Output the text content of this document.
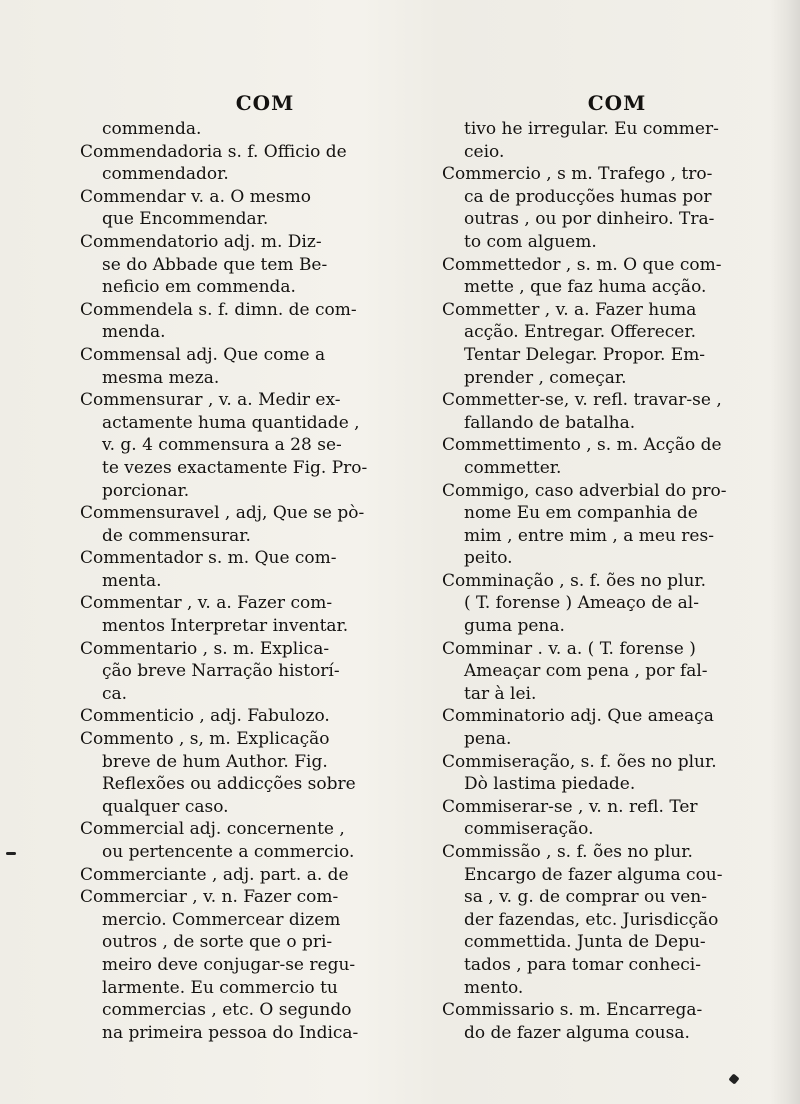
COM
commenda.
Commendadoria s. f. Officio de
commendador.
Commendar v. a. O mesmo
que Encommendar.
Commendatorio adj. m. Diz-
se do Abbade que tem Be-
neficio em commenda.
Commendela s. f. dimn. de com-
menda.
Commensal adj. Que come a
mesma meza.
Commensurar , v. a. Medir ex-
actamente huma quantidade ,
v. g. 4 commensura a 28 se-
te vezes exactamente Fig. Pro-
porcionar.
Commensuravel , adj, Que se pò-
de commensurar.
Commentador s. m. Que com-
menta.
Commentar , v. a. Fazer com-
mentos Interpretar inventar.
Commentario , s. m. Explica-
ção breve Narração historí-
ca.
Commenticio , adj. Fabulozo.
Commento , s, m. Explicação
breve de hum Author. Fig.
Reflexões ou addicções sobre
qualquer caso.
Commercial adj. concernente ,
ou pertencente a commercio.
Commerciante , adj. part. a. de
Commerciar , v. n. Fazer com-
mercio. Commercear dizem
outros , de sorte que o pri-
meiro deve conjugar-se regu-
larmente. Eu commercio tu
commercias , etc. O segundo
na primeira pessoa do Indica-
COM
tivo he irregular. Eu commer-
ceio.
Commercio , s m. Trafego , tro-
ca de producções humas por
outras , ou por dinheiro. Tra-
to com alguem.
Commettedor , s. m. O que com-
mette , que faz huma acção.
Commetter , v. a. Fazer huma
acção. Entregar. Offerecer.
Tentar Delegar. Propor. Em-
prender , começar.
Commetter-se, v. refl. travar-se ,
fallando de batalha.
Commettimento , s. m. Acção de
commetter.
Commigo, caso adverbial do pro-
nome Eu em companhia de
mim , entre mim , a meu res-
peito.
Comminação , s. f. ões no plur.
( T. forense ) Ameaço de al-
guma pena.
Comminar . v. a. ( T. forense )
Ameaçar com pena , por fal-
tar à lei.
Comminatorio adj. Que ameaça
pena.
Commiseração, s. f. ões no plur.
Dò lastima piedade.
Commiserar-se , v. n. refl. Ter
commiseração.
Commissão , s. f. ões no plur.
Encargo de fazer alguma cou-
sa , v. g. de comprar ou ven-
der fazendas, etc. Jurisdicção
commettida. Junta de Depu-
tados , para tomar conheci-
mento.
Commissario s. m. Encarrega-
do de fazer alguma cousa.
